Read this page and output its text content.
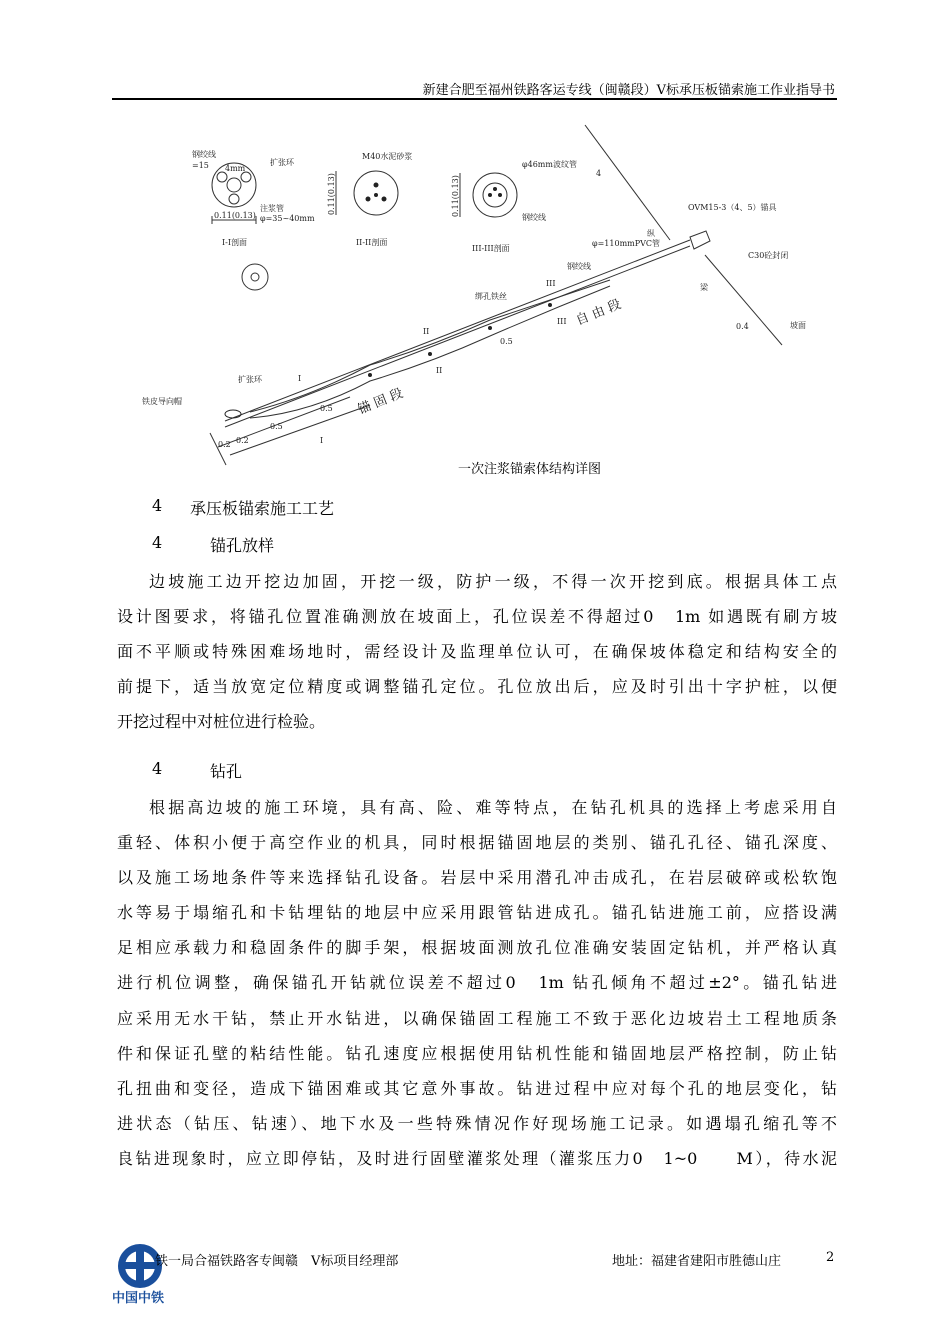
新建合肥至福州铁路客运专线（闽赣段）V标承压板锚索施工作业指导书
钢绞线
=15	扩张环
4mm
注浆管
φ=35~40mm
0.11(0.13)
I-I剖面
M40水泥砂浆
0.11(0.13)
II-II剖面
φ46mm波纹管
钢绞线
0.11(0.13)
III-III剖面
φ=110mmPVC管
OVM15-3（4、5）锚具
C30砼封闭
坡面
钢绞线
绑孔铁丝
铁皮导向帽
扩张环
自 由 段
锚 固 段
I
I
II
II
III
III
0.5
0.5
0.5
0.2 0.2
0.4
4
纵
梁
一次注浆锚索体结构详图
4 承压板锚索施工工艺
4	锚孔放样
边坡施工边开挖边加固，开挖一级，防护一级，不得一次开挖到底。根据具体工点
设计图要求，将锚孔位置准确测放在坡面上，孔位误差不得超过0　1m 如遇既有刷方坡
面不平顺或特殊困难场地时，需经设计及监理单位认可，在确保坡体稳定和结构安全的
前提下，适当放宽定位精度或调整锚孔定位。孔位放出后，应及时引出十字护桩，以便
开挖过程中对桩位进行检验。
4	钻孔
根据高边坡的施工环境，具有高、险、难等特点，在钻孔机具的选择上考虑采用自
重轻、体积小便于高空作业的机具，同时根据锚固地层的类别、锚孔孔径、锚孔深度、
以及施工场地条件等来选择钻孔设备。岩层中采用潜孔冲击成孔，在岩层破碎或松软饱
水等易于塌缩孔和卡钻埋钻的地层中应采用跟管钻进成孔。锚孔钻进施工前，应搭设满
足相应承载力和稳固条件的脚手架，根据坡面测放孔位准确安装固定钻机，并严格认真
进行机位调整，确保锚孔开钻就位误差不超过0　1m 钻孔倾角不超过±2°。锚孔钻进
应采用无水干钻，禁止开水钻进，以确保锚固工程施工不致于恶化边坡岩土工程地质条
件和保证孔壁的粘结性能。钻孔速度应根据使用钻机性能和锚固地层严格控制，防止钻
孔扭曲和变径，造成下锚困难或其它意外事故。钻进过程中应对每个孔的地层变化，钻
进状态（钻压、钻速）、地下水及一些特殊情况作好现场施工记录。如遇塌孔缩孔等不
良钻进现象时，应立即停钻，及时进行固壁灌浆处理（灌浆压力0　1~0　　M），待水泥
中国中铁
铁一局合福铁路客专闽赣　V标项目经理部	地址：福建省建阳市胜德山庄	2
